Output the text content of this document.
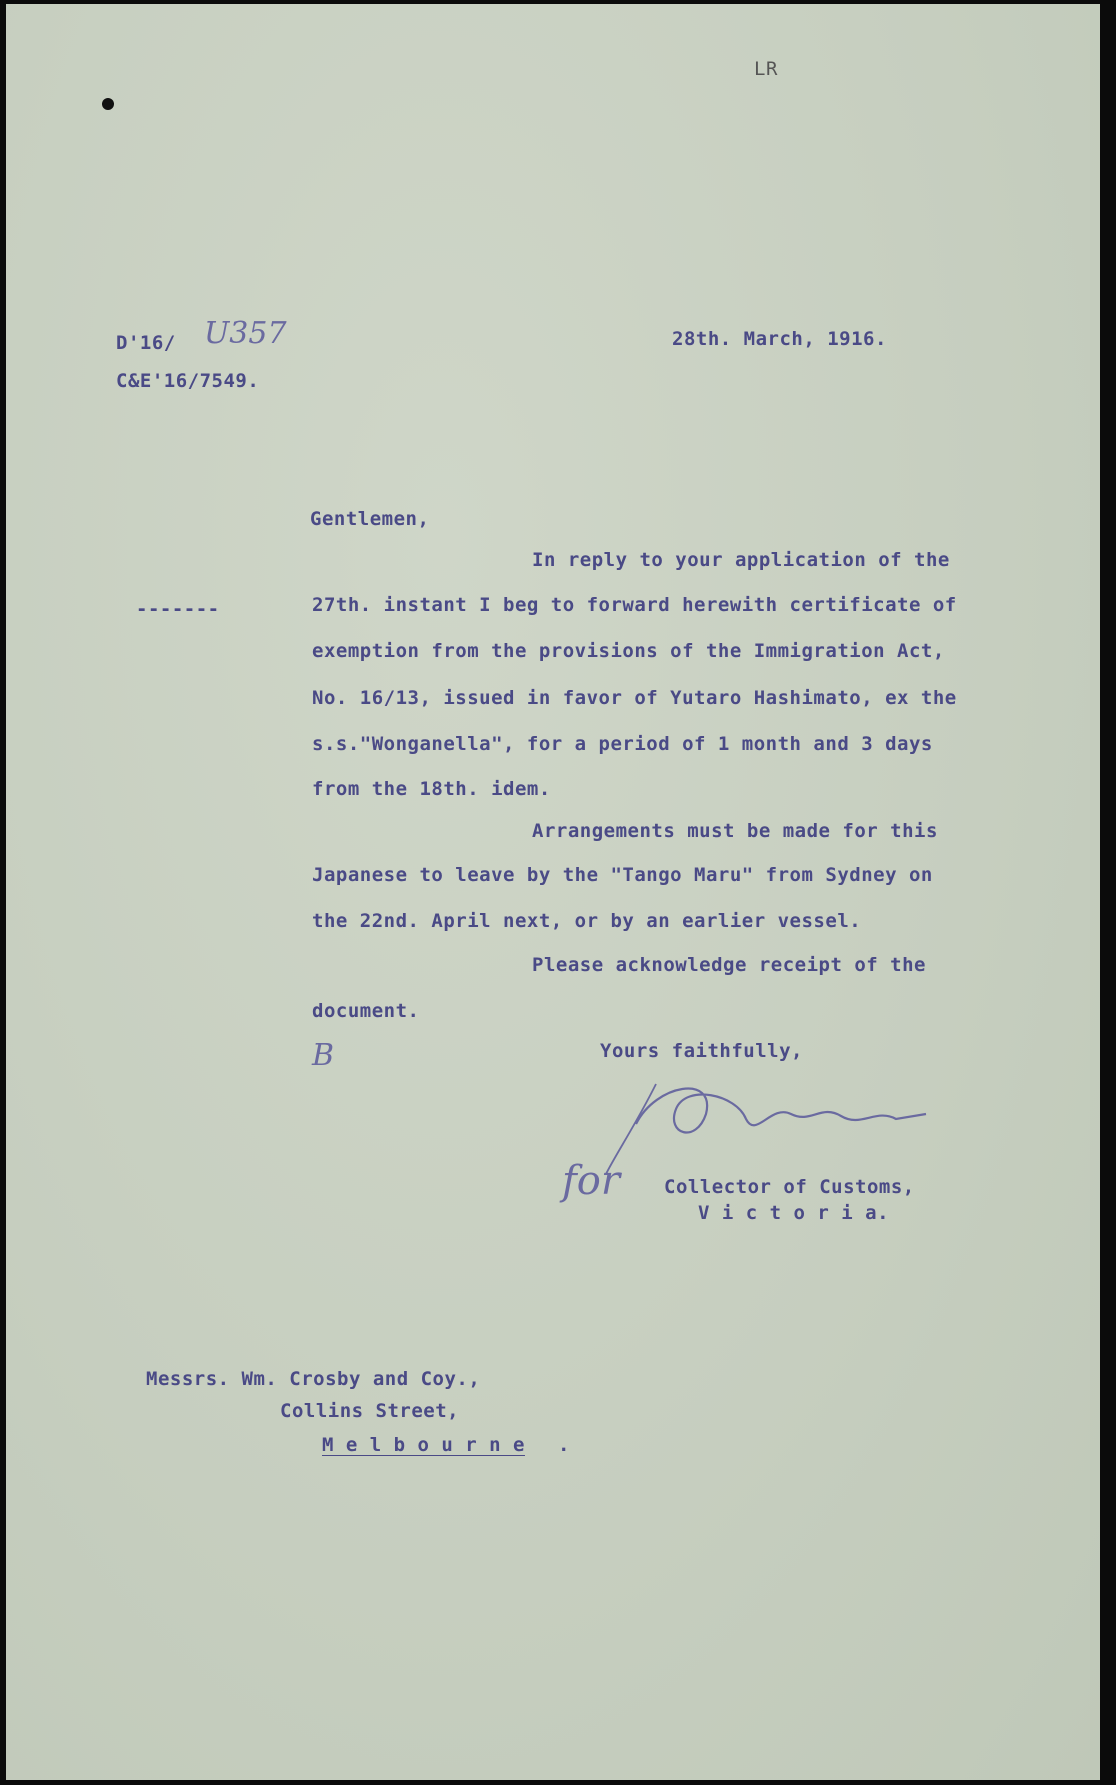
LR
D'16/ U357
C&E'16/7549.
28th. March, 1916.
Gentlemen,
-------
In reply to your application of the
27th. instant I beg to forward herewith certificate of
exemption from the provisions of the Immigration Act,
No. 16/13, issued in favor of Yutaro Hashimato, ex the
s.s."Wonganella", for a period of 1 month and 3 days
from the 18th. idem.
Arrangements must be made for this
Japanese to leave by the "Tango Maru" from Sydney on
the 22nd. April next, or by an earlier vessel.
Please acknowledge receipt of the
document.
B	Yours faithfully,
for Collector of Customs,
V i c t o r i a.
Messrs. Wm. Crosby and Coy.,
Collins Street,
M e l b o u r n e .
